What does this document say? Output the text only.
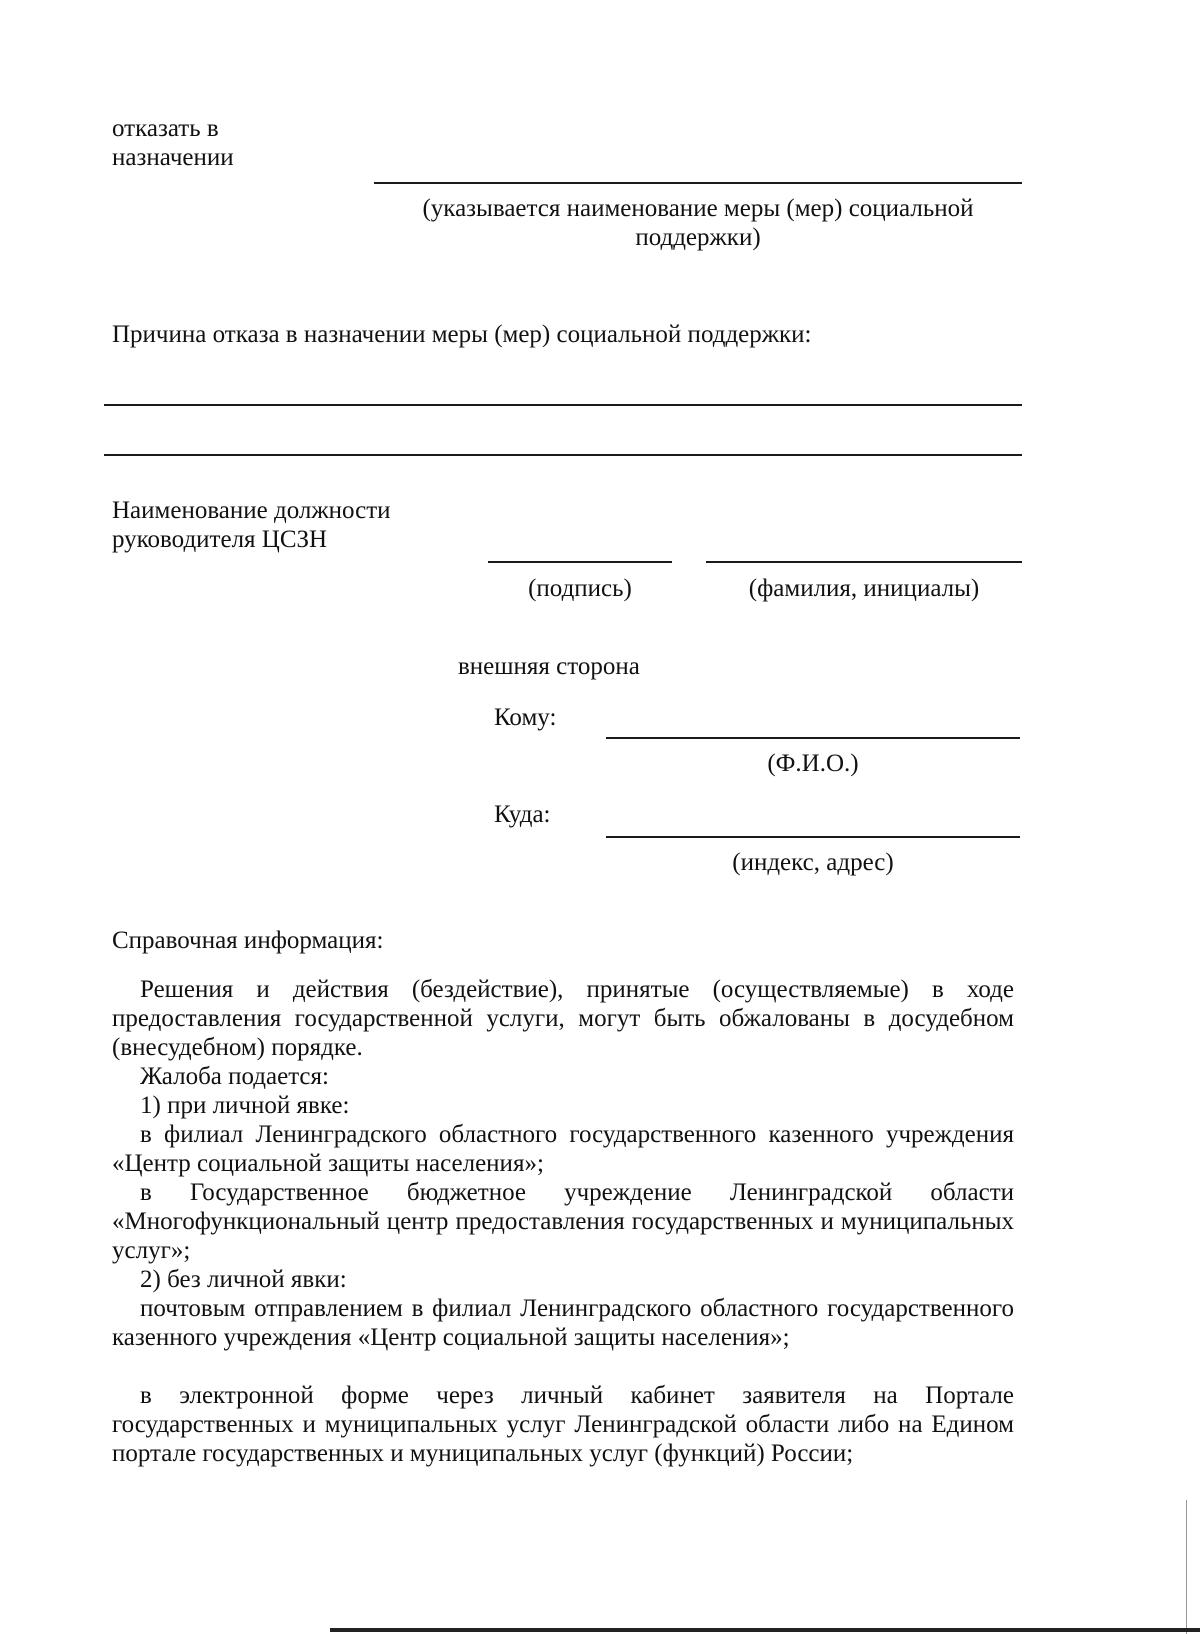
отказать в
назначении
(указывается наименование меры (мер) социальной
поддержки)
Причина отказа в назначении меры (мер) социальной поддержки:
Наименование должности
руководителя ЦСЗН
(подпись)	(фамилия, инициалы)
внешняя сторона
Кому:
(Ф.И.О.)
Куда:
(индекс, адрес)
Справочная информация:
Решения и действия (бездействие), принятые (осуществляемые) в ходе предоставления государственной услуги, могут быть обжалованы в досудебном (внесудебном) порядке.
Жалоба подается:
1) при личной явке:
в филиал Ленинградского областного государственного казенного учреждения «Центр социальной защиты населения»;
в Государственное бюджетное учреждение Ленинградской области «Многофункциональный центр предоставления государственных и муниципальных услуг»;
2) без личной явки:
почтовым отправлением в филиал Ленинградского областного государственного казенного учреждения «Центр социальной защиты населения»;
в электронной форме через личный кабинет заявителя на Портале государственных и муниципальных услуг Ленинградской области либо на Едином портале государственных и муниципальных услуг (функций) России;
